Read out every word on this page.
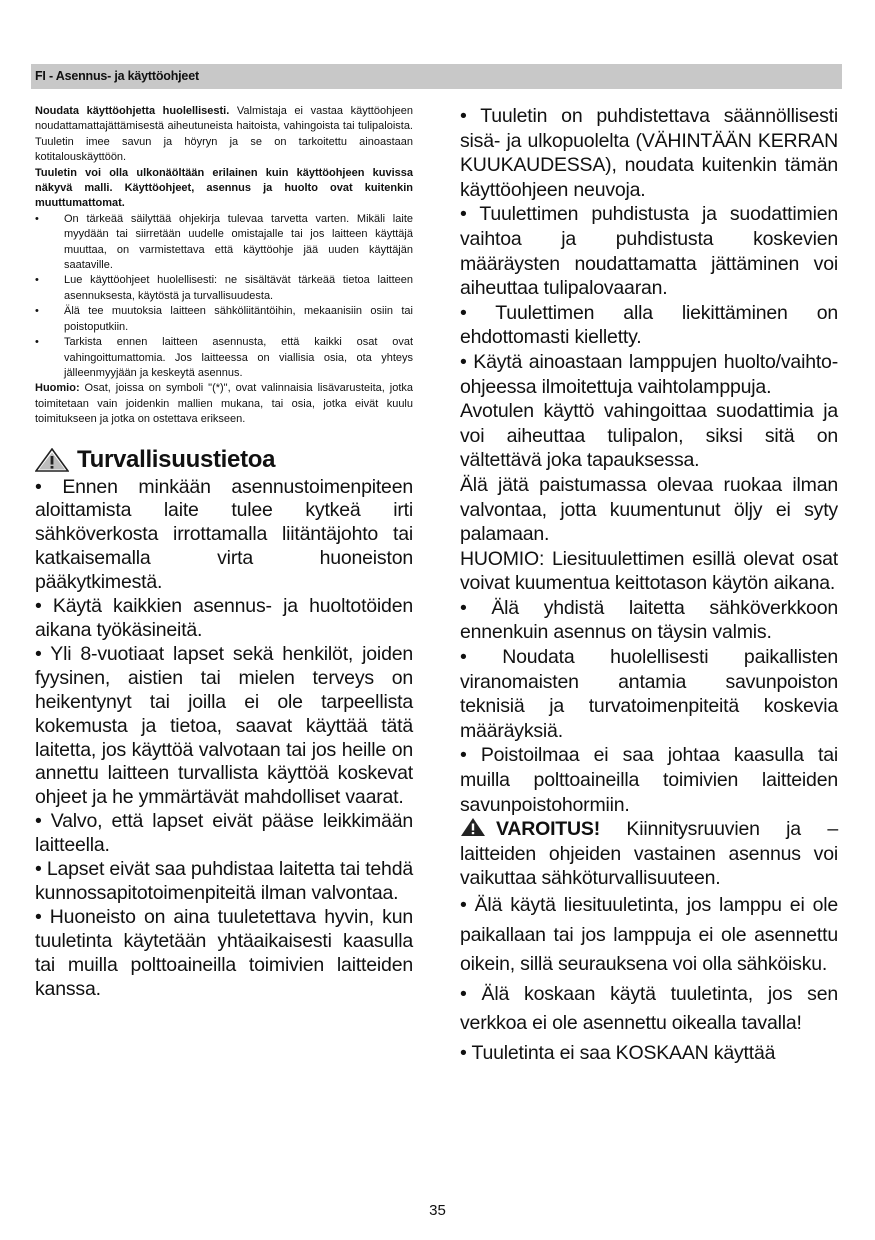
FI - Asennus- ja käyttöohjeet

Noudata käyttöohjetta huolellisesti. Valmistaja ei vastaa käyttöohjeen noudattamattajättämisestä aiheutuneista haitoista, vahingoista tai tulipaloista. Tuuletin imee savun ja höyryn ja se on tarkoitettu ainoastaan kotitalouskäyttöön.

Tuuletin voi olla ulkonäöltään erilainen kuin käyttöohjeen kuvissa näkyvä malli. Käyttöohjeet, asennus ja huolto ovat kuitenkin muuttumattomat.

• On tärkeää säilyttää ohjekirja tulevaa tarvetta varten. Mikäli laite myydään tai siirretään uudelle omistajalle tai jos laitteen käyttäjä muuttaa, on varmistettava että käyttöohje jää uuden käyttäjän saataville.
• Lue käyttöohjeet huolellisesti: ne sisältävät tärkeää tietoa laitteen asennuksesta, käytöstä ja turvallisuudesta.
• Älä tee muutoksia laitteen sähköliitäntöihin, mekaanisiin osiin tai poistoputkiin.
• Tarkista ennen laitteen asennusta, että kaikki osat ovat vahingoittumattomia. Jos laitteessa on viallisia osia, ota yhteys jälleenmyyjään ja keskeytä asennus.

Huomio: Osat, joissa on symboli "(*)", ovat valinnaisia lisävarusteita, jotka toimitetaan vain joidenkin mallien mukana, tai osia, jotka eivät kuulu toimitukseen ja jotka on ostettava erikseen.

Turvallisuustietoa

• Ennen minkään asennustoimenpiteen aloittamista laite tulee kytkeä irti sähköverkosta irrottamalla liitäntäjohto tai katkaisemalla virta huoneiston pääkytkimestä.

• Käytä kaikkien asennus- ja huoltotöiden aikana työkäsineitä.

• Yli 8-vuotiaat lapset sekä henkilöt, joiden fyysinen, aistien tai mielen terveys on heikentynyt tai joilla ei ole tarpeellista kokemusta ja tietoa, saavat käyttää tätä laitetta, jos käyttöä valvotaan tai jos heille on annettu laitteen turvallista käyttöä koskevat ohjeet ja he ymmärtävät mahdolliset vaarat.

• Valvo, että lapset eivät pääse leikkimään laitteella.

• Lapset eivät saa puhdistaa laitetta tai tehdä kunnossapitotoimenpiteitä ilman valvontaa.

• Huoneisto on aina tuuletettava hyvin, kun tuuletinta käytetään yhtäaikaisesti kaasulla tai muilla polttoaineilla toimivien laitteiden kanssa.

• Tuuletin on puhdistettava säännöllisesti sisä- ja ulkopuolelta (VÄHINTÄÄN KERRAN KUUKAUDESSA), noudata kuitenkin tämän käyttöohjeen neuvoja.

• Tuulettimen puhdistusta ja suodattimien vaihtoa ja puhdistusta koskevien määräysten noudattamatta jättäminen voi aiheuttaa tulipalovaaran.

• Tuulettimen alla liekittäminen on ehdottomasti kielletty.

• Käytä ainoastaan lamppujen huolto/vaihto-ohjeessa ilmoitettuja vaihtolamppuja.

Avotulen käyttö vahingoittaa suodattimia ja voi aiheuttaa tulipalon, siksi sitä on vältettävä joka tapauksessa.

Älä jätä paistumassa olevaa ruokaa ilman valvontaa, jotta kuumentunut öljy ei syty palamaan.

HUOMIO: Liesituulettimen esillä olevat osat voivat kuumentua keittotason käytön aikana.

• Älä yhdistä laitetta sähköverkkoon ennenkuin asennus on täysin valmis.

• Noudata huolellisesti paikallisten viranomaisten antamia savunpoiston teknisiä ja turvatoimenpiteitä koskevia määräyksiä.

• Poistoilmaa ei saa johtaa kaasulla tai muilla polttoaineilla toimivien laitteiden savunpoistohormiin.

VAROITUS! Kiinnitysruuvien ja – laitteiden ohjeiden vastainen asennus voi vaikuttaa sähköturvallisuuteen.

• Älä käytä liesituuletinta, jos lamppu ei ole paikallaan tai jos lamppuja ei ole asennettu oikein, sillä seurauksena voi olla sähköisku.

• Älä koskaan käytä tuuletinta, jos sen verkkoa ei ole asennettu oikealla tavalla!

• Tuuletinta ei saa KOSKAAN käyttää

35
